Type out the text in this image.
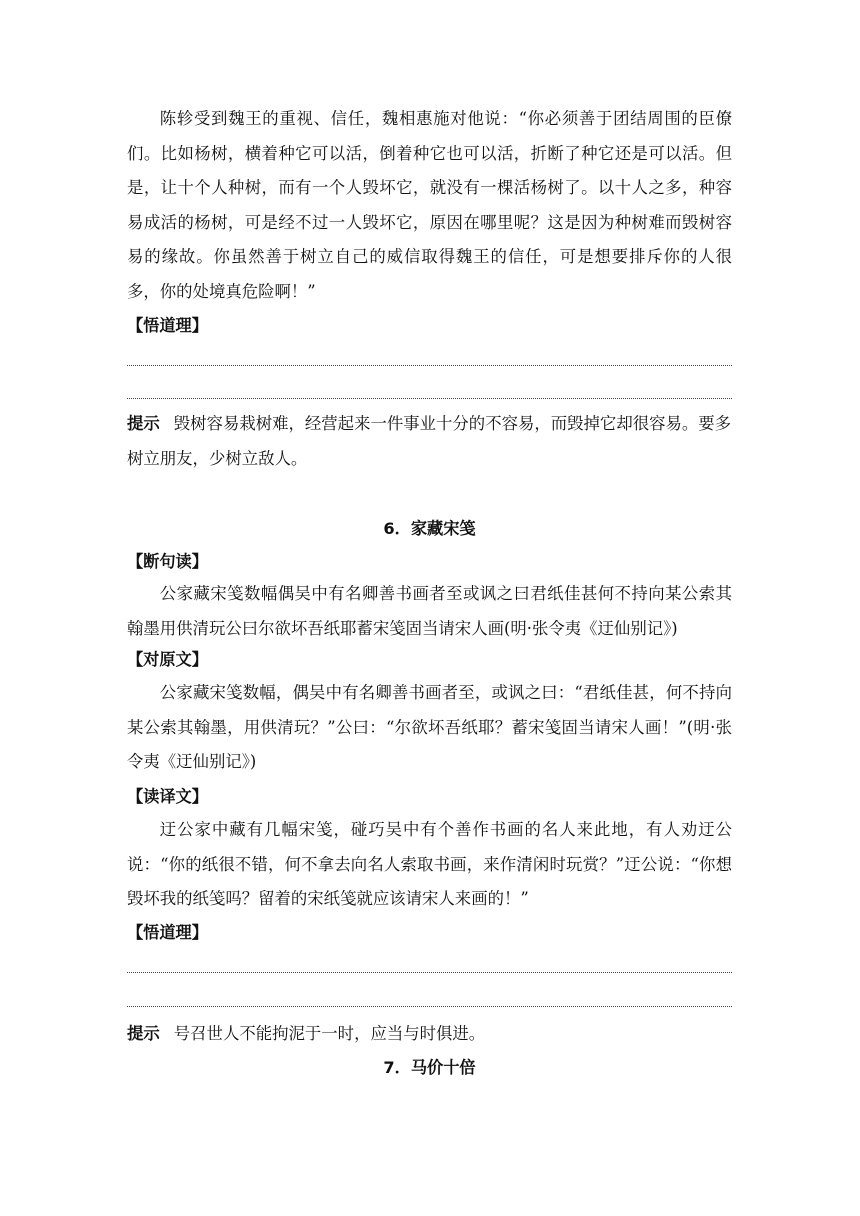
陈轸受到魏王的重视、信任，魏相惠施对他说：“你必须善于团结周围的臣僚们。比如杨树，横着种它可以活，倒着种它也可以活，折断了种它还是可以活。但是，让十个人种树，而有一个人毁坏它，就没有一棵活杨树了。以十人之多，种容易成活的杨树，可是经不过一人毁坏它，原因在哪里呢？这是因为种树难而毁树容易的缘故。你虽然善于树立自己的威信取得魏王的信任，可是想要排斥你的人很多，你的处境真危险啊！”

【悟道理】

提示 毁树容易栽树难，经营起来一件事业十分的不容易，而毁掉它却很容易。要多树立朋友，少树立敌人。

6．家藏宋笺
【断句读】

公家藏宋笺数幅偶吴中有名卿善书画者至或讽之曰君纸佳甚何不持向某公索其翰墨用供清玩公曰尔欲坏吾纸耶蓄宋笺固当请宋人画(明·张令夷《迂仙别记》)

【对原文】

公家藏宋笺数幅，偶吴中有名卿善书画者至，或讽之曰：“君纸佳甚，何不持向某公索其翰墨，用供清玩？”公曰：“尔欲坏吾纸耶？蓄宋笺固当请宋人画！”(明·张令夷《迂仙别记》)

【读译文】

迂公家中藏有几幅宋笺，碰巧吴中有个善作书画的名人来此地，有人劝迂公说：“你的纸很不错，何不拿去向名人索取书画，来作清闲时玩赏？”迂公说：“你想毁坏我的纸笺吗？留着的宋纸笺就应该请宋人来画的！”

【悟道理】

提示 号召世人不能拘泥于一时，应当与时俱进。

7．马价十倍
